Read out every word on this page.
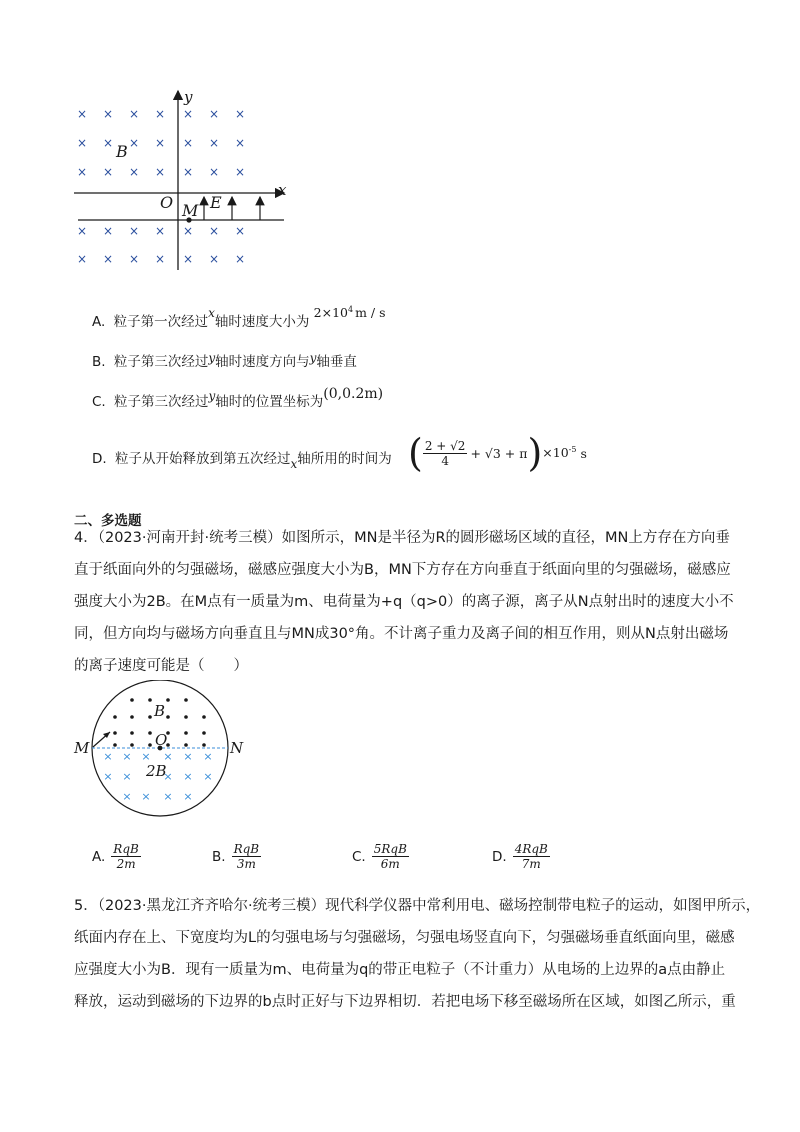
× × × × × × ×
× × × × × × ×
× × × × × × ×
× × × × × × ×
× × × × × × ×
y
x
B
O M E
A. 粒子第一次经过x轴时速度大小为 $2\times 10^4$ m / s
B. 粒子第三次经过y轴时速度方向与y轴垂直
C. 粒子第三次经过y轴时的位置坐标为(0,0.2m)
D. 粒子从开始释放到第五次经过x轴所用的时间为 ( $\frac{2 + √2}{4} + √3 + \pi$ ) $\times 10^{-5}$ s
二、多选题
4．（2023·河南开封·统考三模）如图所示，MN是半径为R的圆形磁场区域的直径，MN上方存在方向垂
直于纸面向外的匀强磁场，磁感应强度大小为B，MN下方存在方向垂直于纸面向里的匀强磁场，磁感应
强度大小为2B。在M点有一质量为m、电荷量为+q（q>0）的离子源，离子从N点射出时的速度大小不
同，但方向均与磁场方向垂直且与MN成30°角。不计离子重力及离子间的相互作用，则从N点射出磁场
的离子速度可能是（　　）
× × × × × ×
× ×	× × ×
× × × ×
M	N
O
B
2B
A. $\frac{\text{RqB}}{2m}$	B. $\frac{\text{RqB}}{3m}$	C. $\frac{\text{5RqB}}{6m}$	D. $\frac{\text{4RqB}}{7m}$
5．（2023·黑龙江齐齐哈尔·统考三模）现代科学仪器中常利用电、磁场控制带电粒子的运动，如图甲所示，
纸面内存在上、下宽度均为L的匀强电场与匀强磁场，匀强电场竖直向下，匀强磁场垂直纸面向里，磁感
应强度大小为B．现有一质量为m、电荷量为q的带正电粒子（不计重力）从电场的上边界的a点由静止
释放，运动到磁场的下边界的b点时正好与下边界相切．若把电场下移至磁场所在区域，如图乙所示，重
